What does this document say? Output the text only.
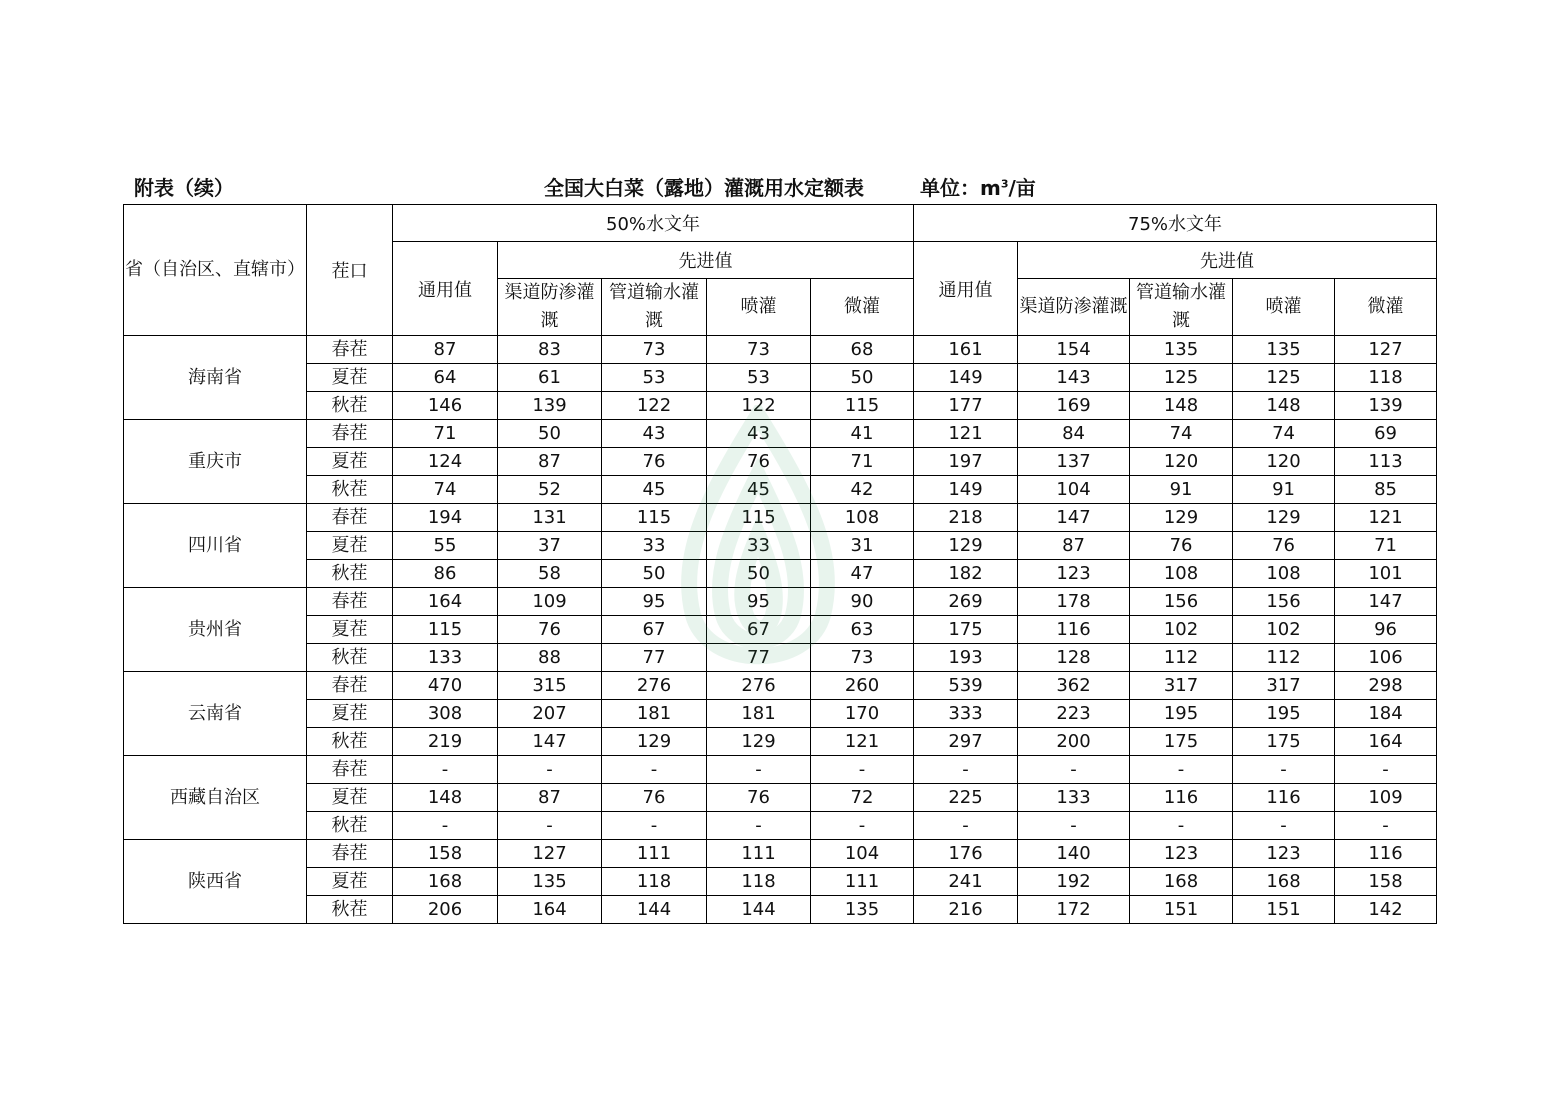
附表（续）	全国大白菜（露地）灌溉用水定额表	单位：$m^3/$亩
省（自治区、直辖市）	茬口	50%水文年					75%水文年				
		通用值	先进值				通用值	先进值			
			渠道防渗灌溉	管道输水灌溉	喷灌	微灌		渠道防渗灌溉	管道输水灌溉	喷灌	微灌
海南省	春茬	87	83	73	73	68	161	154	135	135	127
	夏茬	64	61	53	53	50	149	143	125	125	118
	秋茬	146	139	122	122	115	177	169	148	148	139
重庆市	春茬	71	50	43	43	41	121	84	74	74	69
	夏茬	124	87	76	76	71	197	137	120	120	113
	秋茬	74	52	45	45	42	149	104	91	91	85
四川省	春茬	194	131	115	115	108	218	147	129	129	121
	夏茬	55	37	33	33	31	129	87	76	76	71
	秋茬	86	58	50	50	47	182	123	108	108	101
贵州省	春茬	164	109	95	95	90	269	178	156	156	147
	夏茬	115	76	67	67	63	175	116	102	102	96
	秋茬	133	88	77	77	73	193	128	112	112	106
云南省	春茬	470	315	276	276	260	539	362	317	317	298
	夏茬	308	207	181	181	170	333	223	195	195	184
	秋茬	219	147	129	129	121	297	200	175	175	164
西藏自治区	春茬	-	-	-	-	-	-	-	-	-	-
	夏茬	148	87	76	76	72	225	133	116	116	109
	秋茬	-	-	-	-	-	-	-	-	-	-
陕西省	春茬	158	127	111	111	104	176	140	123	123	116
	夏茬	168	135	118	118	111	241	192	168	168	158
	秋茬	206	164	144	144	135	216	172	151	151	142
